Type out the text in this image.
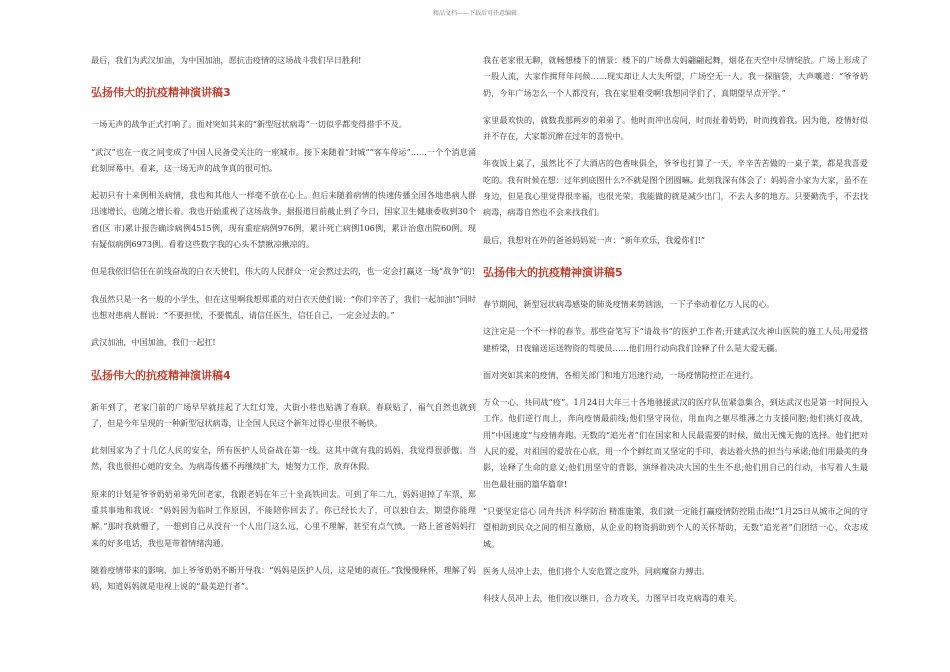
精品文档——下载后可任意编辑
最后，我们为武汉加油，为中国加油，愿抗击疫情的这场战斗我们早日胜利!
弘扬伟大的抗疫精神演讲稿3
一场无声的战争正式打响了。面对突如其来的“新型冠状病毒”一切似乎都变得措手不及。
“武汉”也在一夜之间变成了中国人民备受关注的一座城市。接下来随着“封城”“客车停运”……一个个消息涌此刻屏幕中。看来，这一场无声的战争真的很可怕。
起初只有十来例相关病情，我也和其他人一样毫不放在心上。但后来随着病情的快速传播全国各地患病人群迅速增长，也随之增长着。我也开始重视了这场战争。据报道目前截止到了今日，国家卫生健康委收到30个省(区 市)累计报告确诊病例4515例，现有重症病例976例，累计死亡病例106例，累计治愈出院60例。现有疑似病例6973例。看着这些数字我的心头不禁揪凉揪凉的。
但是我依旧信任在前线奋战的白衣天使们，伟大的人民群众一定会熬过去的，也一定会打赢这一场“战争”的!
我虽然只是一名一般的小学生，但在这里啊我想郑重的对白衣天使们说：“你们辛苦了，我们一起加油!”同时也想对患病人群说：“不要担忧，不要慌乱，请信任医生，信任自己，一定会过去的。”
武汉加油，中国加油，我们一起扛!
弘扬伟大的抗疫精神演讲稿4
新年到了，老家门前的广场早早就挂起了大红灯笼，大街小巷也贴满了春联。春联贴了，福气自然也就到了，但是今年呈现的一种新型冠状病毒，让全国人民这个新年过得心里很不畅快。
此刻国家为了十几亿人民的安全，所有医护人员奋战在第一线。这其中就有我的妈妈，我觉得很骄傲。当然，我也很担心她的安全。为病毒传播不再继续扩大，她努力工作，放弃休假。
原来的计划是爷爷奶奶弟弟先回老家，我跟老妈在年三十坐高铁回去。可到了年二九，妈妈退掉了车票，郑重其事地和我说：“妈妈因为临时工作原因，不能陪你回去了。你已经长大了，可以独自去，期望你能理解。”那时我就懵了，一想到自己从没有一个人出门这么远，心里不理解，甚至有点气愤。一路上爸爸妈妈打来的好多电话，我也是带着情绪沟通。
随着疫情带来的影响，加上爷爷奶奶不断开导我：“妈妈是医护人员，这是她的责任。”我慢慢释怀，理解了妈妈，知道妈妈就是电视上说的“最美逆行者”。
我在老家很无聊，就畅想楼下的情景：楼下的广场鼻大妈翩翩起舞，烟花在天空中尽情绽放。广场上形成了一股人流，大家作揖拜年问候……现实却让人大失所望，广场空无一人。我一探脑袋，大声嚷道：“爷爷奶奶，今年广场怎么一个人都没有，我在家里难受啊!我想同学们了，真期望早点开学。”
家里最欢快的，就数我那两岁的弟弟了。他时而冲出房间，时而扯着奶奶，时而拽着我。因为他，疫情好似并不存在，大家都沉醉在过年的喜悦中。
年夜饭上桌了，虽然比不了大酒店的色香味俱全，爷爷也打算了一天，辛辛苦苦做的一桌子菜，都是我喜爱吃的。我有时候在想：过年到底图什么?不就是图个团圆嘛。此刻我深有体会了：妈妈舍小家为大家，虽不在身边，但是我心里觉得很幸福，也很光荣。我能做的就是减少出门，不去人多的地方。只要勤洗手，不去找病毒，病毒自然也不会来找我们。
最后，我想对在外的爸爸妈妈说一声：“新年欢乐，我爱你们!”
弘扬伟大的抗疫精神演讲稿5
春节期间，新型冠状病毒感染的肺炎疫情来势汹汹，一下子牵动着亿万人民的心。
这注定是一个不一样的春节。那些奋笔写下“请战书”的医护工作者;开建武汉火神山医院的施工人员;用爱搭建桥梁，日夜输送运送物资的驾驶员……他们用行动向我们诠释了什么是大爱无疆。
面对突如其来的疫情，各相关部门和地方迅速行动，一场疫情防控正在进行。
万众一心，共同战“疫”。1月24日大年三十各地驰援武汉的医疗队伍紧急集合，到达武汉也是第一时间投入工作。他们逆行而上，奔向疫情最前线;他们坚守岗位，用血肉之躯尽维薄之力支援同胞;他们挑灯夜战，用“中国速度”与疫情奔跑。无数的“追光者”们在国家和人民最需要的时候，做出无愧无悔的选择。他们把对人民的爱，对祖国的爱放在心底，用一个个鲜红而又坚定的手印，表达着火热的担当与承诺;他们用最美的身影，诠释了生命的意义;他们用坚守的背影，演绎着决决大国的生生不息;他们用自己的行动，书写着人生最出色最壮丽的篇华篇章!
“只要坚定信心 同舟共济 科学防治 精准施策，我们就一定能打赢疫情防控阻击战!”1月25日从城市之间的守望相助到民众之间的相互激励，从企业的物资捐助到个人的关怀帮助，无数“追光者”们团结一心，众志成城。
医务人员冲上去，他们将个人安危置之度外，同病魔奋力搏击。
科技人员冲上去，他们夜以继日，合力攻关，力图早日攻克病毒的难关。
